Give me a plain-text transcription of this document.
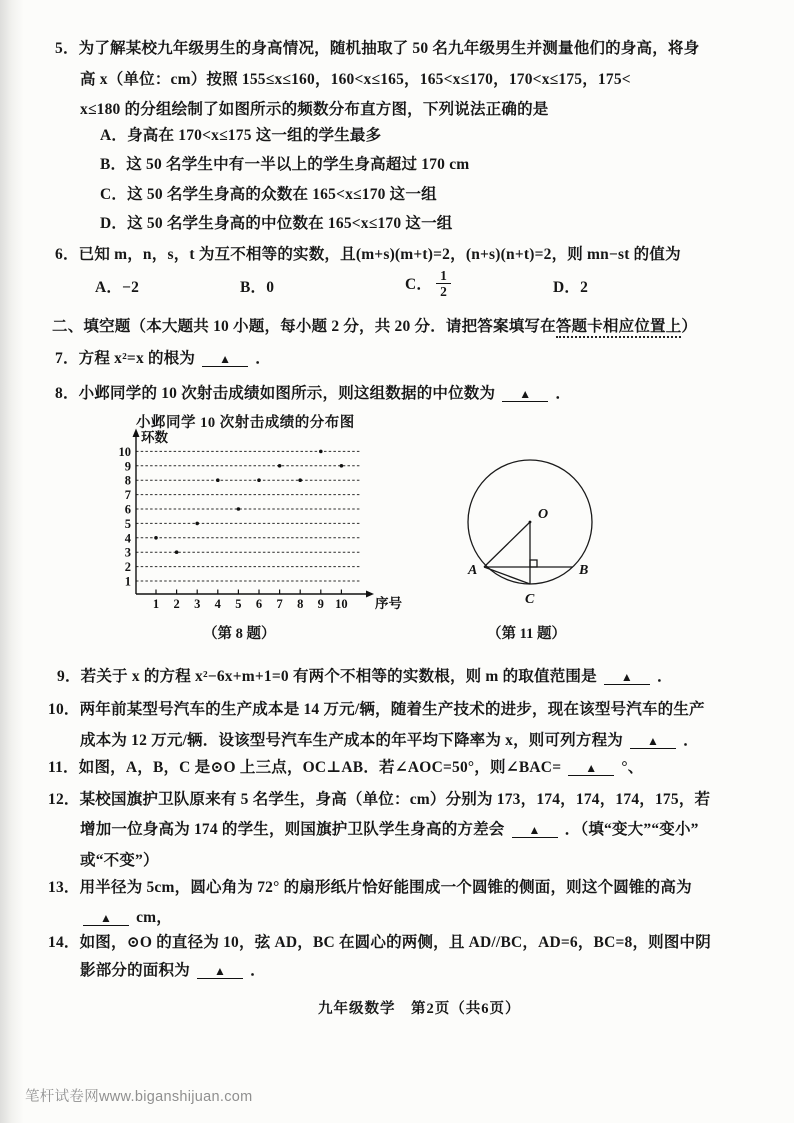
5．为了解某校九年级男生的身高情况，随机抽取了 50 名九年级男生并测量他们的身高，将身
高 x（单位：cm）按照 155≤x≤160，160<x≤165，165<x≤170，170<x≤175，175<
x≤180 的分组绘制了如图所示的频数分布直方图，下列说法正确的是
A．身高在 170<x≤175 这一组的学生最多
B．这 50 名学生中有一半以上的学生身高超过 170 cm
C．这 50 名学生身高的众数在 165<x≤170 这一组
D．这 50 名学生身高的中位数在 165<x≤170 这一组
6．已知 m，n，s，t 为互不相等的实数，且(m+s)(m+t)=2，(n+s)(n+t)=2，则 mn−st 的值为
A．−2	B．0	C． $\frac{1}{2}$	D．2
二、填空题（本大题共 10 小题，每小题 2 分，共 20 分．请把答案填写在答题卡相应位置上）
7．方程 x²=x 的根为 ▲ ．
8．小邺同学的 10 次射击成绩如图所示，则这组数据的中位数为 ▲ ．
小邺同学 10 次射击成绩的分布图
1
2
3
4
5
6
7
8
9
10
1 2 3 4 5 6 7 8 9 10
环数
序号
（第 8 题）
O
A	B
C
（第 11 题）
9．若关于 x 的方程 x²−6x+m+1=0 有两个不相等的实数根，则 m 的取值范围是 ▲ ．
10．两年前某型号汽车的生产成本是 14 万元/辆，随着生产技术的进步，现在该型号汽车的生产
成本为 12 万元/辆．设该型号汽车生产成本的年平均下降率为 x，则可列方程为 ▲ ．
11．如图，A，B，C 是⊙O 上三点，OC⊥AB．若∠AOC=50°，则∠BAC= ▲ °、
12．某校国旗护卫队原来有 5 名学生，身高（单位：cm）分别为 173，174，174，174，175，若
增加一位身高为 174 的学生，则国旗护卫队学生身高的方差会 ▲ ．（填“变大”“变小”
或“不变”）
13．用半径为 5cm，圆心角为 72° 的扇形纸片恰好能围成一个圆锥的侧面，则这个圆锥的高为
▲ cm，
14．如图，⊙O 的直径为 10，弦 AD，BC 在圆心的两侧，且 AD//BC，AD=6，BC=8，则图中阴
影部分的面积为 ▲ ．
九年级数学　第2页（共6页）
笔杆试卷网www.biganshijuan.com
